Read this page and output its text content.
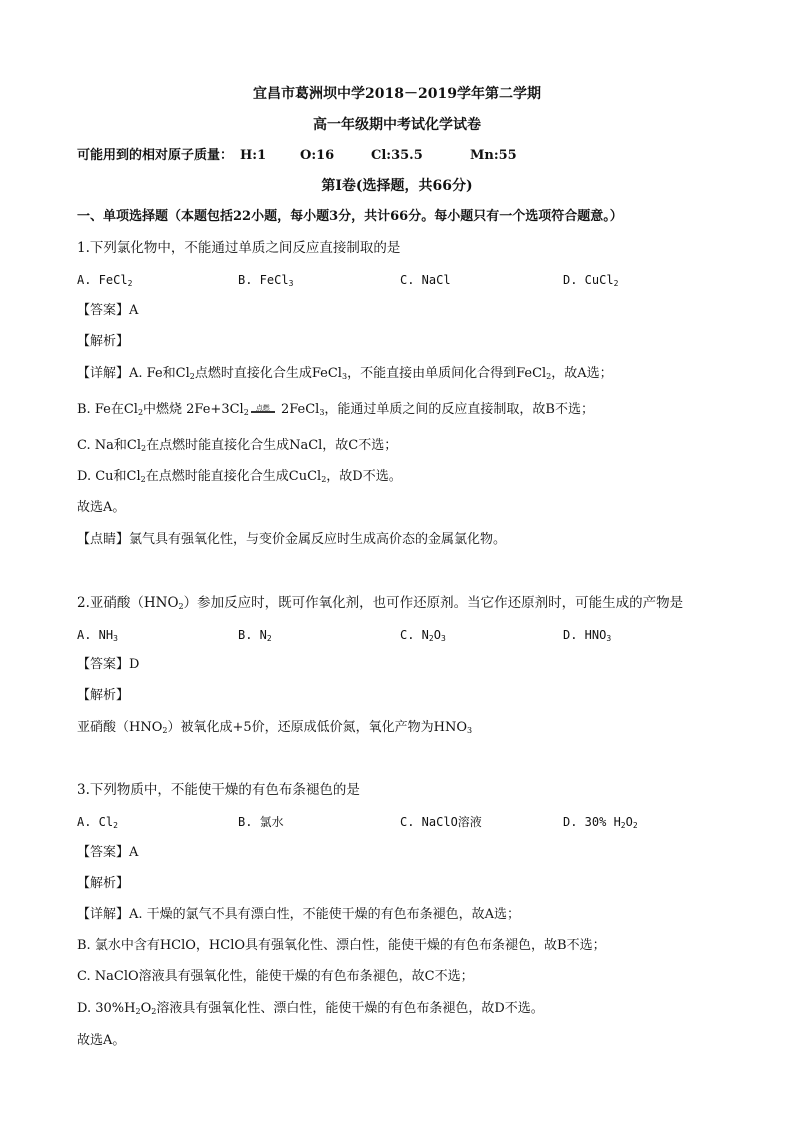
宜昌市葛洲坝中学2018－2019学年第二学期
高一年级期中考试化学试卷
可能用到的相对原子质量： H:1	O:16	Cl:35.5	Mn:55
第Ⅰ卷(选择题，共66分)
一、单项选择题（本题包括22小题，每小题3分，共计66分。每小题只有一个选项符合题意。）
1.下列氯化物中，不能通过单质之间反应直接制取的是
A. FeCl$_2$	B. FeCl$_3$	C. NaCl	D. CuCl$_2$
【答案】A
【解析】
【详解】A. Fe和$Cl_2$点燃时直接化合生成FeCl$_3$，不能直接由单质间化合得到FeCl$_2$，故A选；
B. Fe在$Cl_2$中燃烧 $2Fe+3Cl_2$ 点燃 2FeCl$_3$，能通过单质之间的反应直接制取，故B不选；
C. Na和$Cl_2$在点燃时能直接化合生成NaCl，故C不选；
D. Cu和$Cl_2$在点燃时能直接化合生成CuCl$_2$，故D不选。
故选A。
【点睛】氯气具有强氧化性，与变价金属反应时生成高价态的金属氯化物。
2.亚硝酸$(HNO_2)$参加反应时，既可作氧化剂，也可作还原剂。当它作还原剂时，可能生成的产物是
A. $NH_3$	B. $N_2$	C. $N_2O_3$	D. $HNO_3$
【答案】D
【解析】
亚硝酸$(HNO_2)$被氧化成+5价，还原成低价氮，氧化产物为$HNO_3$
3.下列物质中，不能使干燥的有色布条褪色的是
A. $Cl_2$	B. 氯水	C. NaClO溶液	D. 30% $H_2O_2$
【答案】A
【解析】
【详解】A. 干燥的氯气不具有漂白性，不能使干燥的有色布条褪色，故A选；
B. 氯水中含有HClO，HClO具有强氧化性、漂白性，能使干燥的有色布条褪色，故B不选；
C. NaClO溶液具有强氧化性，能使干燥的有色布条褪色，故C不选；
D. $30\%H_2O_2$溶液具有强氧化性、漂白性，能使干燥的有色布条褪色，故D不选。
故选A。
